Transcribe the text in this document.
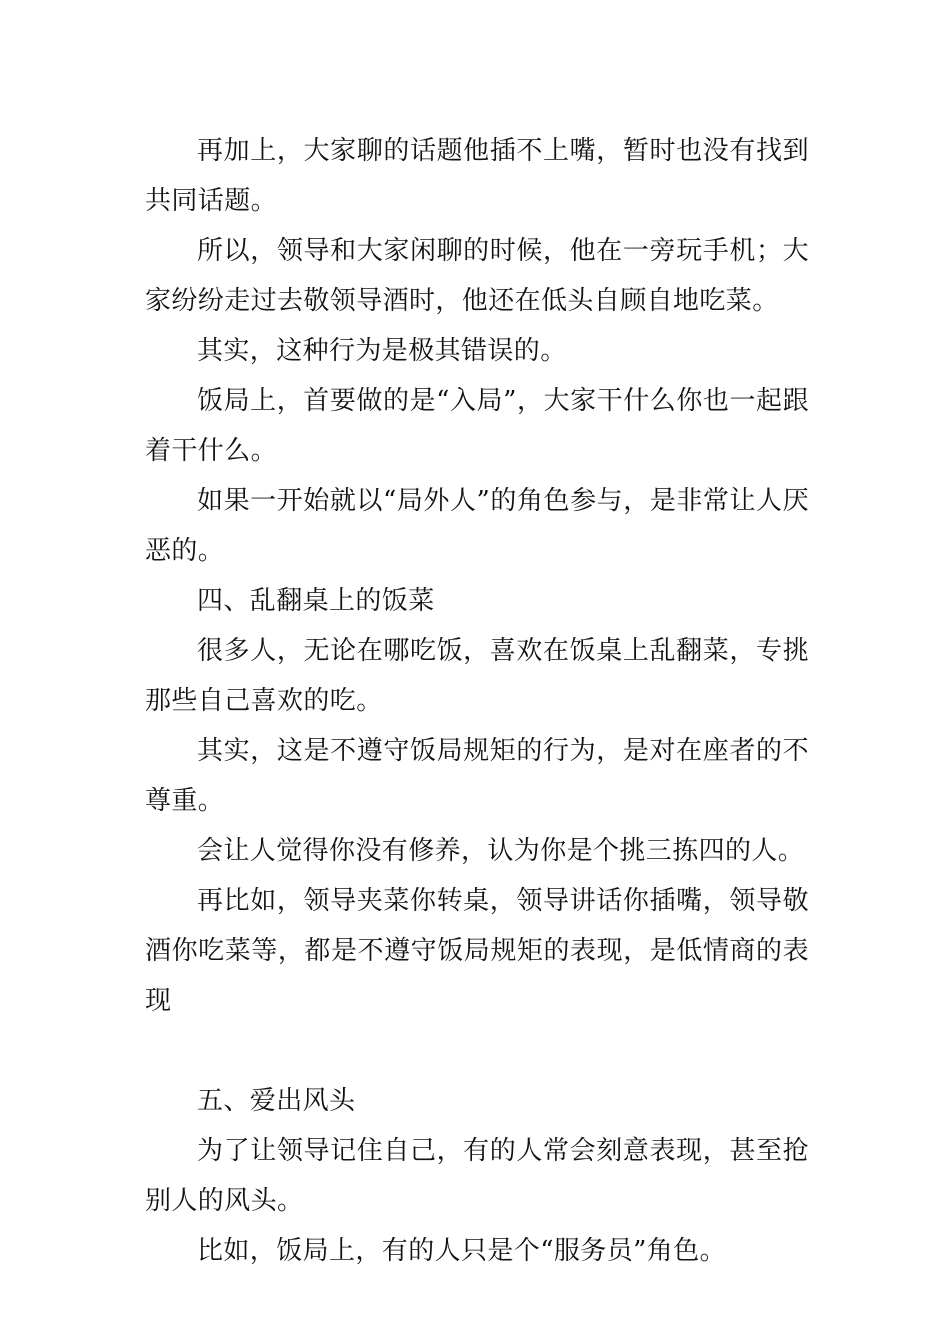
再加上，大家聊的话题他插不上嘴，暂时也没有找到共同话题。

所以，领导和大家闲聊的时候，他在一旁玩手机；大家纷纷走过去敬领导酒时，他还在低头自顾自地吃菜。

其实，这种行为是极其错误的。

饭局上，首要做的是“入局”，大家干什么你也一起跟着干什么。

如果一开始就以“局外人”的角色参与，是非常让人厌恶的。

四、乱翻桌上的饭菜

很多人，无论在哪吃饭，喜欢在饭桌上乱翻菜，专挑那些自己喜欢的吃。

其实，这是不遵守饭局规矩的行为，是对在座者的不尊重。

会让人觉得你没有修养，认为你是个挑三拣四的人。

再比如，领导夹菜你转桌，领导讲话你插嘴，领导敬酒你吃菜等，都是不遵守饭局规矩的表现，是低情商的表现

五、爱出风头

为了让领导记住自己，有的人常会刻意表现，甚至抢别人的风头。

比如，饭局上，有的人只是个“服务员”角色。
